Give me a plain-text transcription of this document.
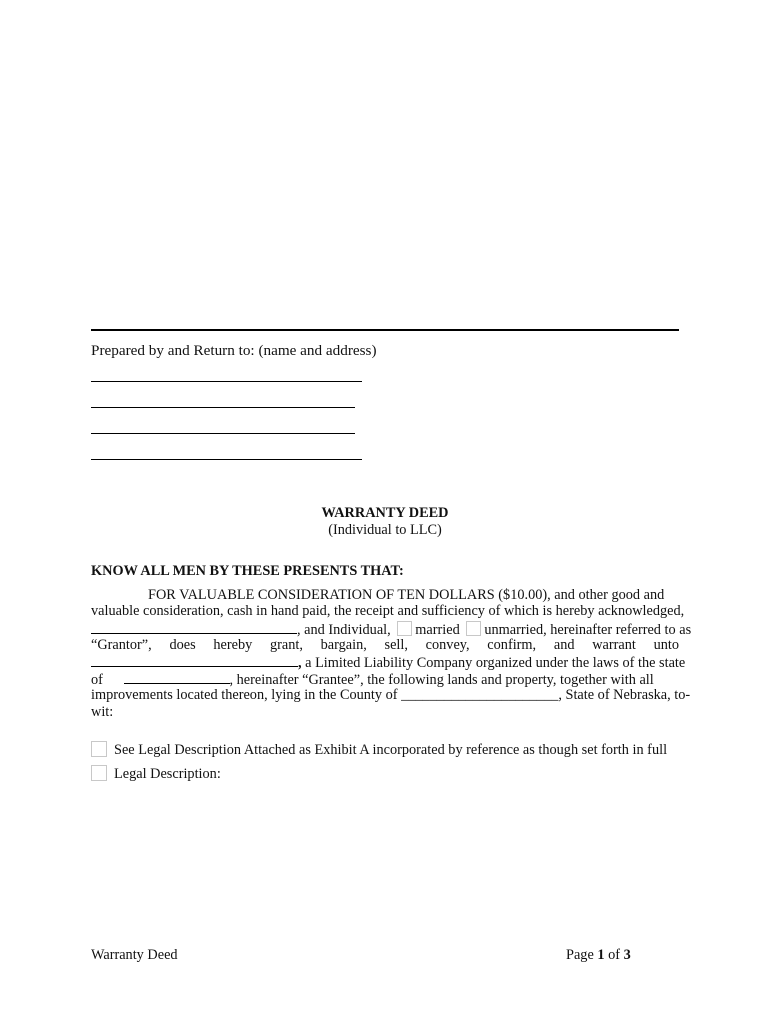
Prepared by and Return to: (name and address)
WARRANTY DEED
(Individual to LLC)
KNOW ALL MEN BY THESE PRESENTS THAT:
FOR VALUABLE CONSIDERATION OF TEN DOLLARS ($10.00), and other good and
valuable consideration, cash in hand paid, the receipt and sufficiency of which is hereby acknowledged,
, and Individual, married unmarried, hereinafter referred to as
“Grantor”, does hereby grant, bargain, sell, convey, confirm, and warrant unto
, a Limited Liability Company organized under the laws of the state
of	, hereinafter “Grantee”, the following lands and property, together with all
improvements located thereon, lying in the County of ______________________, State of Nebraska, to-
wit:
See Legal Description Attached as Exhibit A incorporated by reference as though set forth in full
Legal Description:
Warranty Deed	Page 1 of 3
